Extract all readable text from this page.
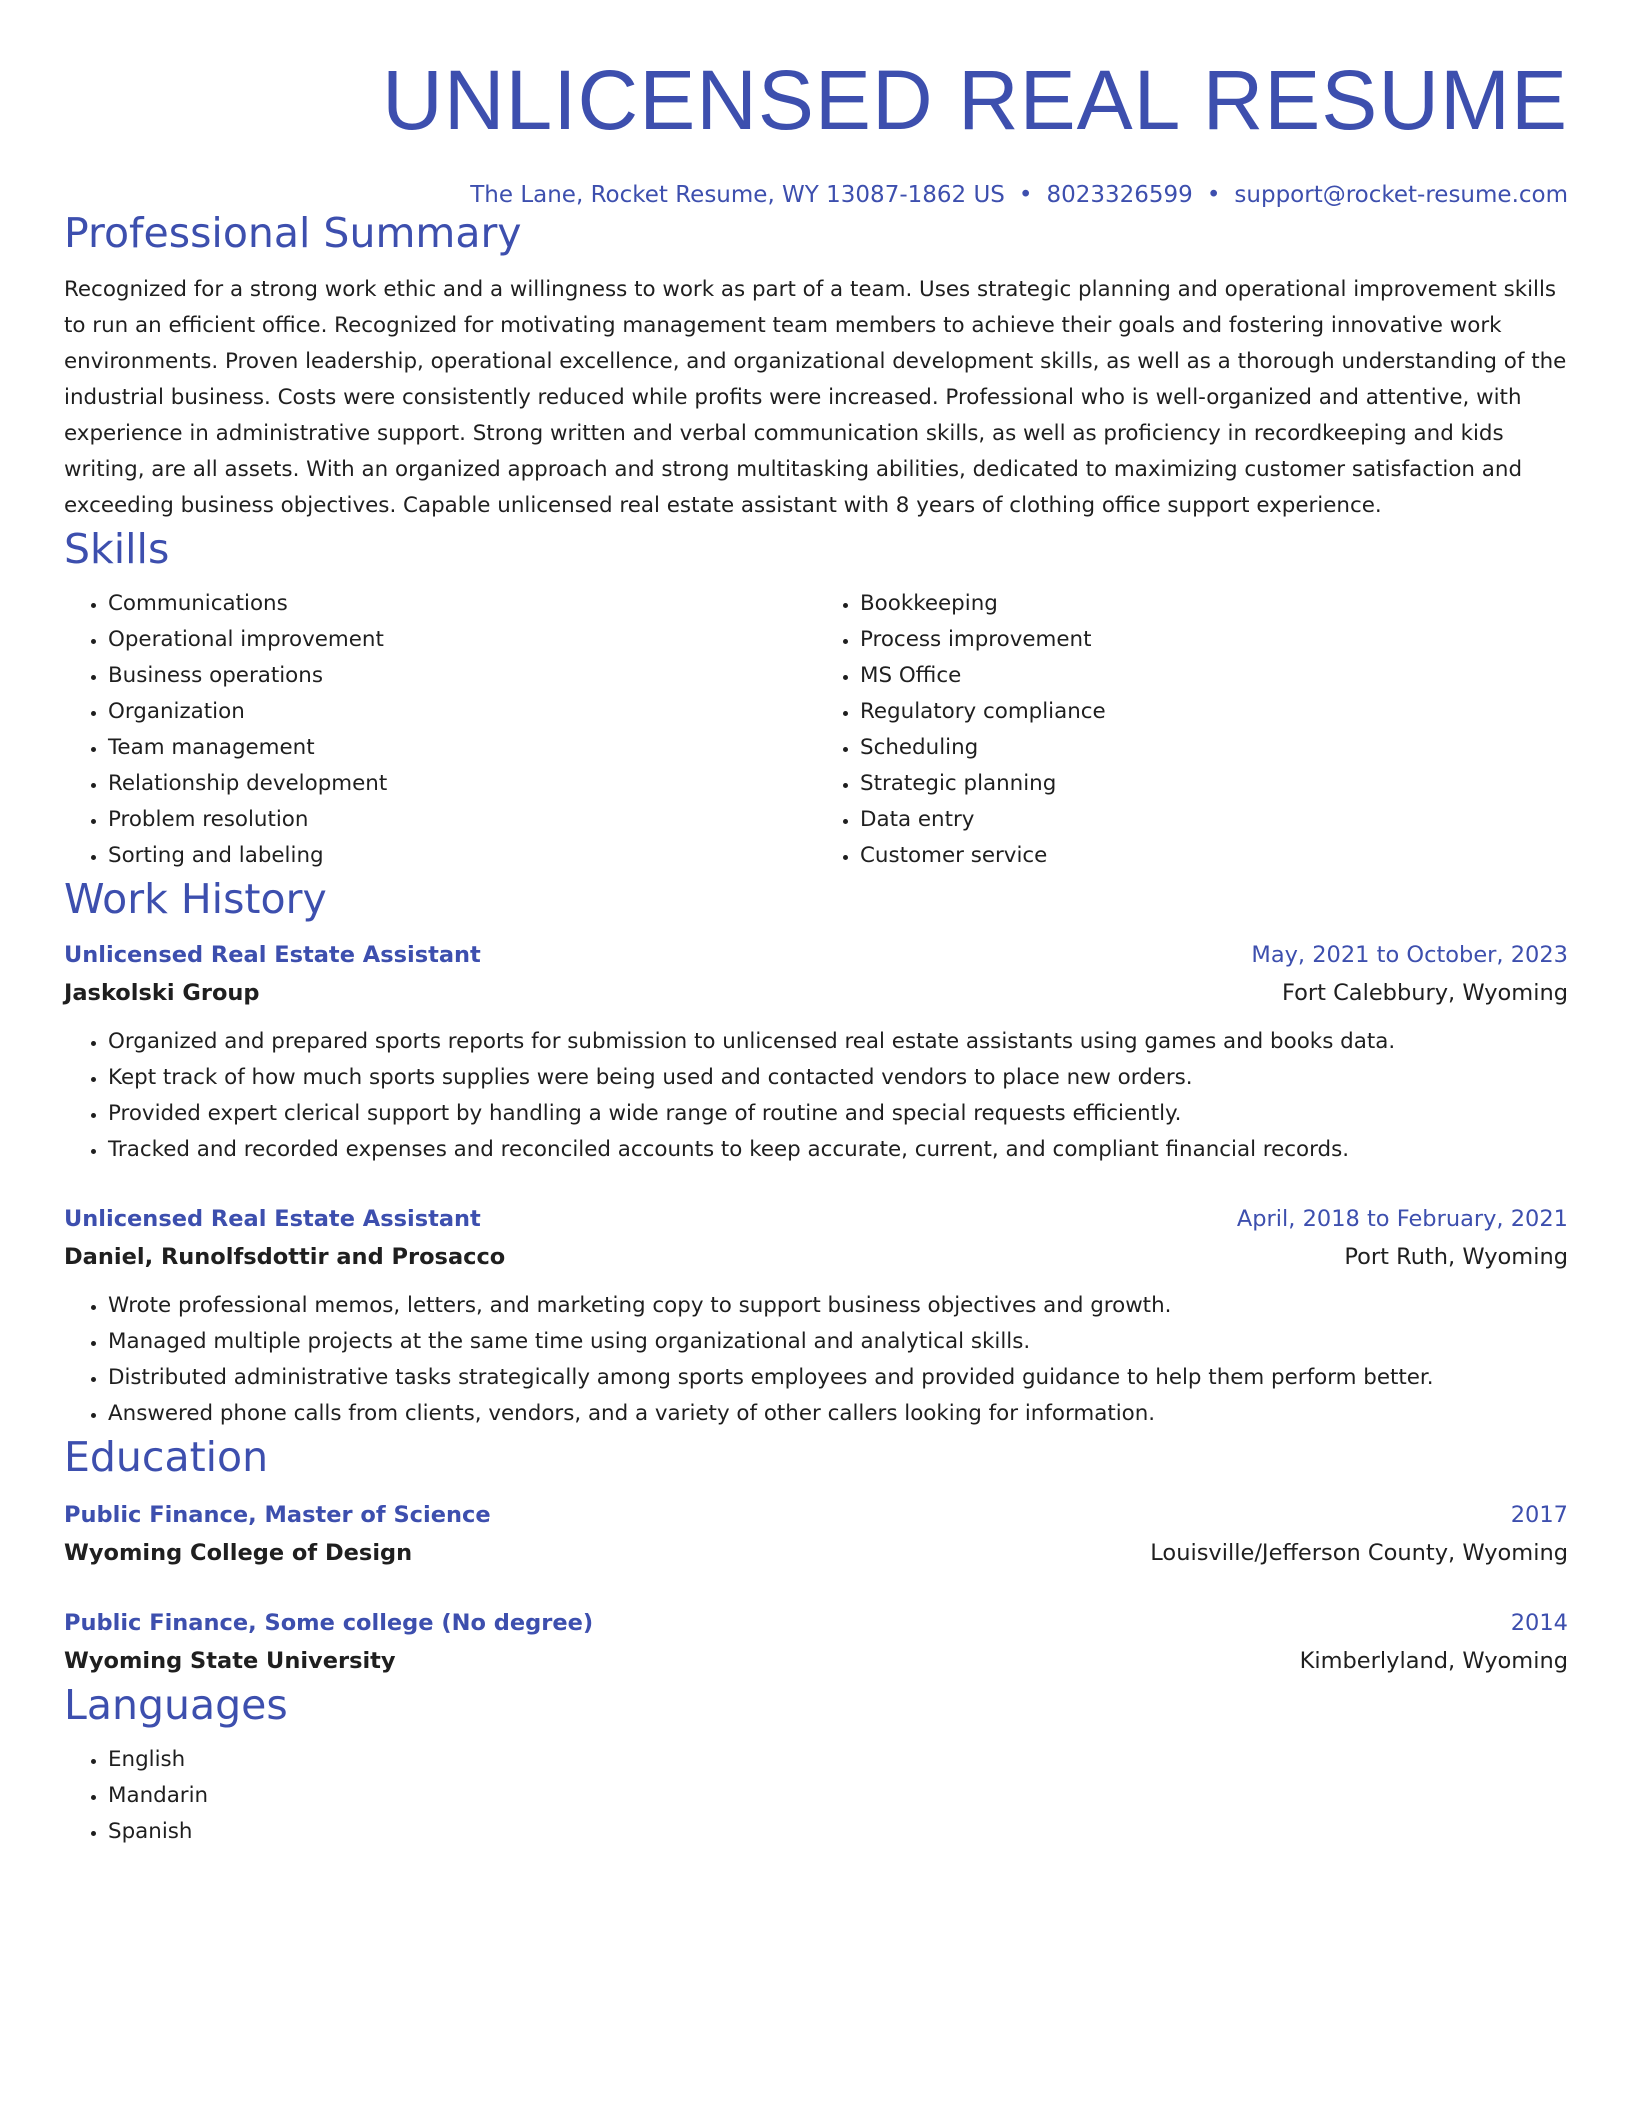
UNLICENSED REAL RESUME
The Lane, Rocket Resume, WY 13087-1862 US • 8023326599 • support@rocket-resume.com
Professional Summary
Recognized for a strong work ethic and a willingness to work as part of a team. Uses strategic planning and operational improvement skills to run an efficient office. Recognized for motivating management team members to achieve their goals and fostering innovative work environments. Proven leadership, operational excellence, and organizational development skills, as well as a thorough understanding of the industrial business. Costs were consistently reduced while profits were increased. Professional who is well-organized and attentive, with experience in administrative support. Strong written and verbal communication skills, as well as proficiency in recordkeeping and kids writing, are all assets. With an organized approach and strong multitasking abilities, dedicated to maximizing customer satisfaction and exceeding business objectives. Capable unlicensed real estate assistant with 8 years of clothing office support experience.
Skills
• Communications
• Operational improvement
• Business operations
• Organization
• Team management
• Relationship development
• Problem resolution
• Sorting and labeling
• Bookkeeping
• Process improvement
• MS Office
• Regulatory compliance
• Scheduling
• Strategic planning
• Data entry
• Customer service
Work History
Unlicensed Real Estate Assistant	May, 2021 to October, 2023
Jaskolski Group	Fort Calebbury, Wyoming
• Organized and prepared sports reports for submission to unlicensed real estate assistants using games and books data.
• Kept track of how much sports supplies were being used and contacted vendors to place new orders.
• Provided expert clerical support by handling a wide range of routine and special requests efficiently.
• Tracked and recorded expenses and reconciled accounts to keep accurate, current, and compliant financial records.
Unlicensed Real Estate Assistant	April, 2018 to February, 2021
Daniel, Runolfsdottir and Prosacco	Port Ruth, Wyoming
• Wrote professional memos, letters, and marketing copy to support business objectives and growth.
• Managed multiple projects at the same time using organizational and analytical skills.
• Distributed administrative tasks strategically among sports employees and provided guidance to help them perform better.
• Answered phone calls from clients, vendors, and a variety of other callers looking for information.
Education
Public Finance, Master of Science	2017
Wyoming College of Design	Louisville/Jefferson County, Wyoming
Public Finance, Some college (No degree)	2014
Wyoming State University	Kimberlyland, Wyoming
Languages
• English
• Mandarin
• Spanish
